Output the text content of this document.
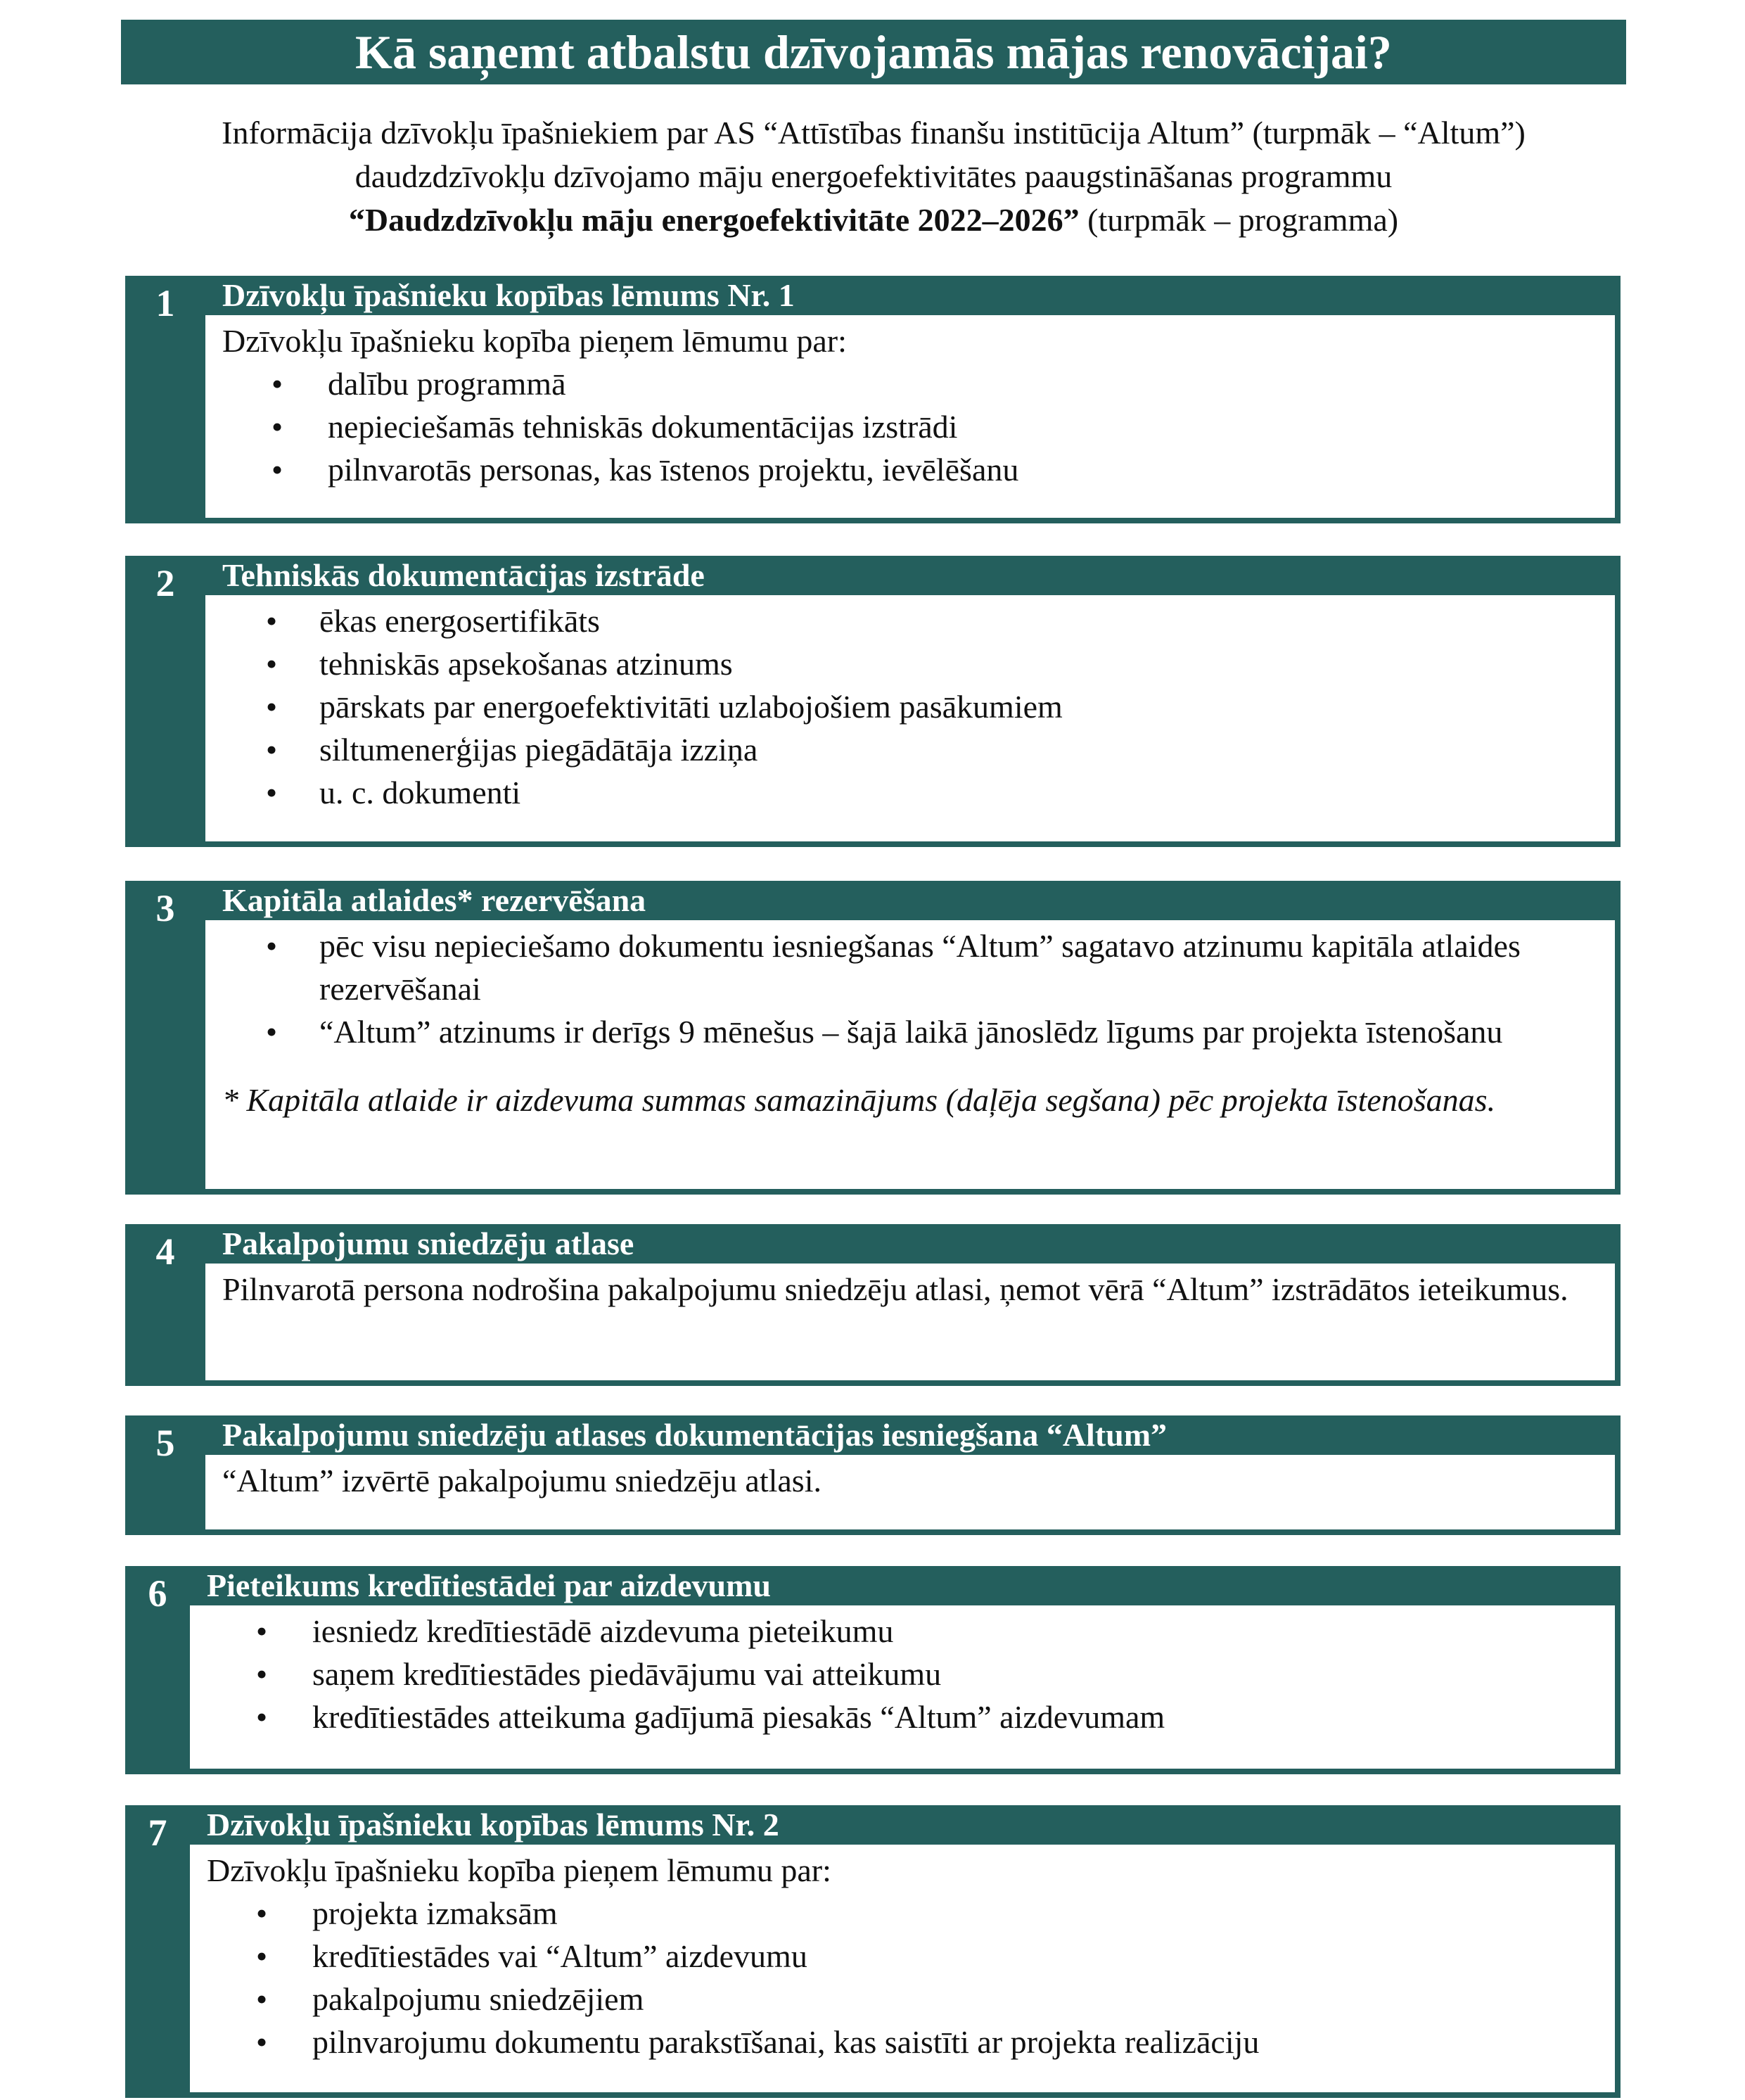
Kā saņemt atbalstu dzīvojamās mājas renovācijai?

Informācija dzīvokļu īpašniekiem par AS “Attīstības finanšu institūcija Altum” (turpmāk – “Altum”)

daudzdzīvokļu dzīvojamo māju energoefektivitātes paaugstināšanas programmu

“Daudzdzīvokļu māju energoefektivitāte 2022–2026” (turpmāk – programma)

1	Dzīvokļu īpašnieku kopības lēmums Nr. 1

Dzīvokļu īpašnieku kopība pieņem lēmumu par:

• dalību programmā
• nepieciešamās tehniskās dokumentācijas izstrādi
• pilnvarotās personas, kas īstenos projektu, ievēlēšanu
2	Tehniskās dokumentācijas izstrāde
• ēkas energosertifikāts
• tehniskās apsekošanas atzinums
• pārskats par energoefektivitāti uzlabojošiem pasākumiem
• siltumenerģijas piegādātāja izziņa
• u. c. dokumenti
3	Kapitāla atlaides* rezervēšana
• pēc visu nepieciešamo dokumentu iesniegšanas “Altum” sagatavo atzinumu kapitāla atlaides rezervēšanai
• “Altum” atzinums ir derīgs 9 mēnešus – šajā laikā jānoslēdz līgums par projekta īstenošanu

* Kapitāla atlaide ir aizdevuma summas samazinājums (daļēja segšana) pēc projekta īstenošanas.

4	Pakalpojumu sniedzēju atlase

Pilnvarotā persona nodrošina pakalpojumu sniedzēju atlasi, ņemot vērā “Altum” izstrādātos ieteikumus.

5	Pakalpojumu sniedzēju atlases dokumentācijas iesniegšana “Altum”

“Altum” izvērtē pakalpojumu sniedzēju atlasi.

6	Pieteikums kredītiestādei par aizdevumu
• iesniedz kredītiestādē aizdevuma pieteikumu
• saņem kredītiestādes piedāvājumu vai atteikumu
• kredītiestādes atteikuma gadījumā piesakās “Altum” aizdevumam
7	Dzīvokļu īpašnieku kopības lēmums Nr. 2

Dzīvokļu īpašnieku kopība pieņem lēmumu par:

• projekta izmaksām
• kredītiestādes vai “Altum” aizdevumu
• pakalpojumu sniedzējiem
• pilnvarojumu dokumentu parakstīšanai, kas saistīti ar projekta realizāciju
